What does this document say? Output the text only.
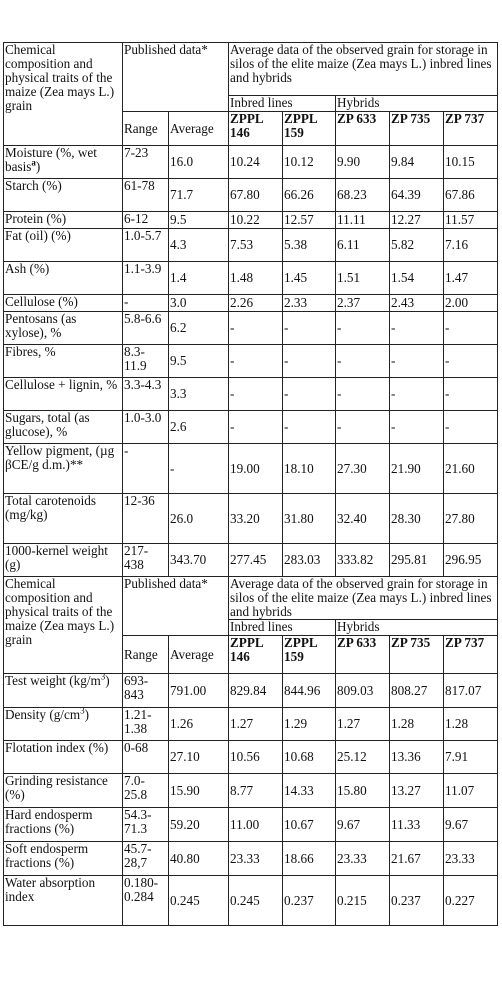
Chemical composition and physical traits of the maize (Zea mays L.) grain	Published data*		Average data of the observed grain for storage in silos of the elite maize (Zea mays L.) inbred lines and hybrids				
			Inbred lines		Hybrids		
	Range	Average	ZPPL 146	ZPPL 159	ZP 633	ZP 735	ZP 737
Moisture (%, wet basis$^a$)	7-23	16.0	10.24	10.12	9.90	9.84	10.15
Starch (%)	61-78	71.7	67.80	66.26	68.23	64.39	67.86
Protein (%)	6-12	9.5	10.22	12.57	11.11	12.27	11.57
Fat (oil) (%)	1.0-5.7	4.3	7.53	5.38	6.11	5.82	7.16
Ash (%)	1.1-3.9	1.4	1.48	1.45	1.51	1.54	1.47
Cellulose (%)	-	3.0	2.26	2.33	2.37	2.43	2.00
Pentosans (as xylose), %	5.8-6.6	6.2	-	-	-	-	-
Fibres, %	8.3-11.9	9.5	-	-	-	-	-
Cellulose + lignin, %	3.3-4.3	3.3	-	-	-	-	-
Sugars, total (as glucose), %	1.0-3.0	2.6	-	-	-	-	-
Yellow pigment, (µg βCE/g d.m.)**	-	-	19.00	18.10	27.30	21.90	21.60
Total carotenoids (mg/kg)	12-36	26.0	33.20	31.80	32.40	28.30	27.80
1000-kernel weight (g)	217-438	343.70	277.45	283.03	333.82	295.81	296.95
Chemical composition and physical traits of the maize (Zea mays L.) grain	Published data*		Average data of the observed grain for storage in silos of the elite maize (Zea mays L.) inbred lines and hybrids				
			Inbred lines		Hybrids		
	Range	Average	ZPPL 146	ZPPL 159	ZP 633	ZP 735	ZP 737
Test weight $(kg/m^3)$	693-843	791.00	829.84	844.96	809.03	808.27	817.07
Density $(g/cm^3)$	1.21-1.38	1.26	1.27	1.29	1.27	1.28	1.28
Flotation index (%)	0-68	27.10	10.56	10.68	25.12	13.36	7.91
Grinding resistance (%)	7.0-25.8	15.90	8.77	14.33	15.80	13.27	11.07
Hard endosperm fractions (%)	54.3-71.3	59.20	11.00	10.67	9.67	11.33	9.67
Soft endosperm fractions (%)	45.7-28,7	40.80	23.33	18.66	23.33	21.67	23.33
Water absorption index	0.180-0.284	0.245	0.245	0.237	0.215	0.237	0.227
